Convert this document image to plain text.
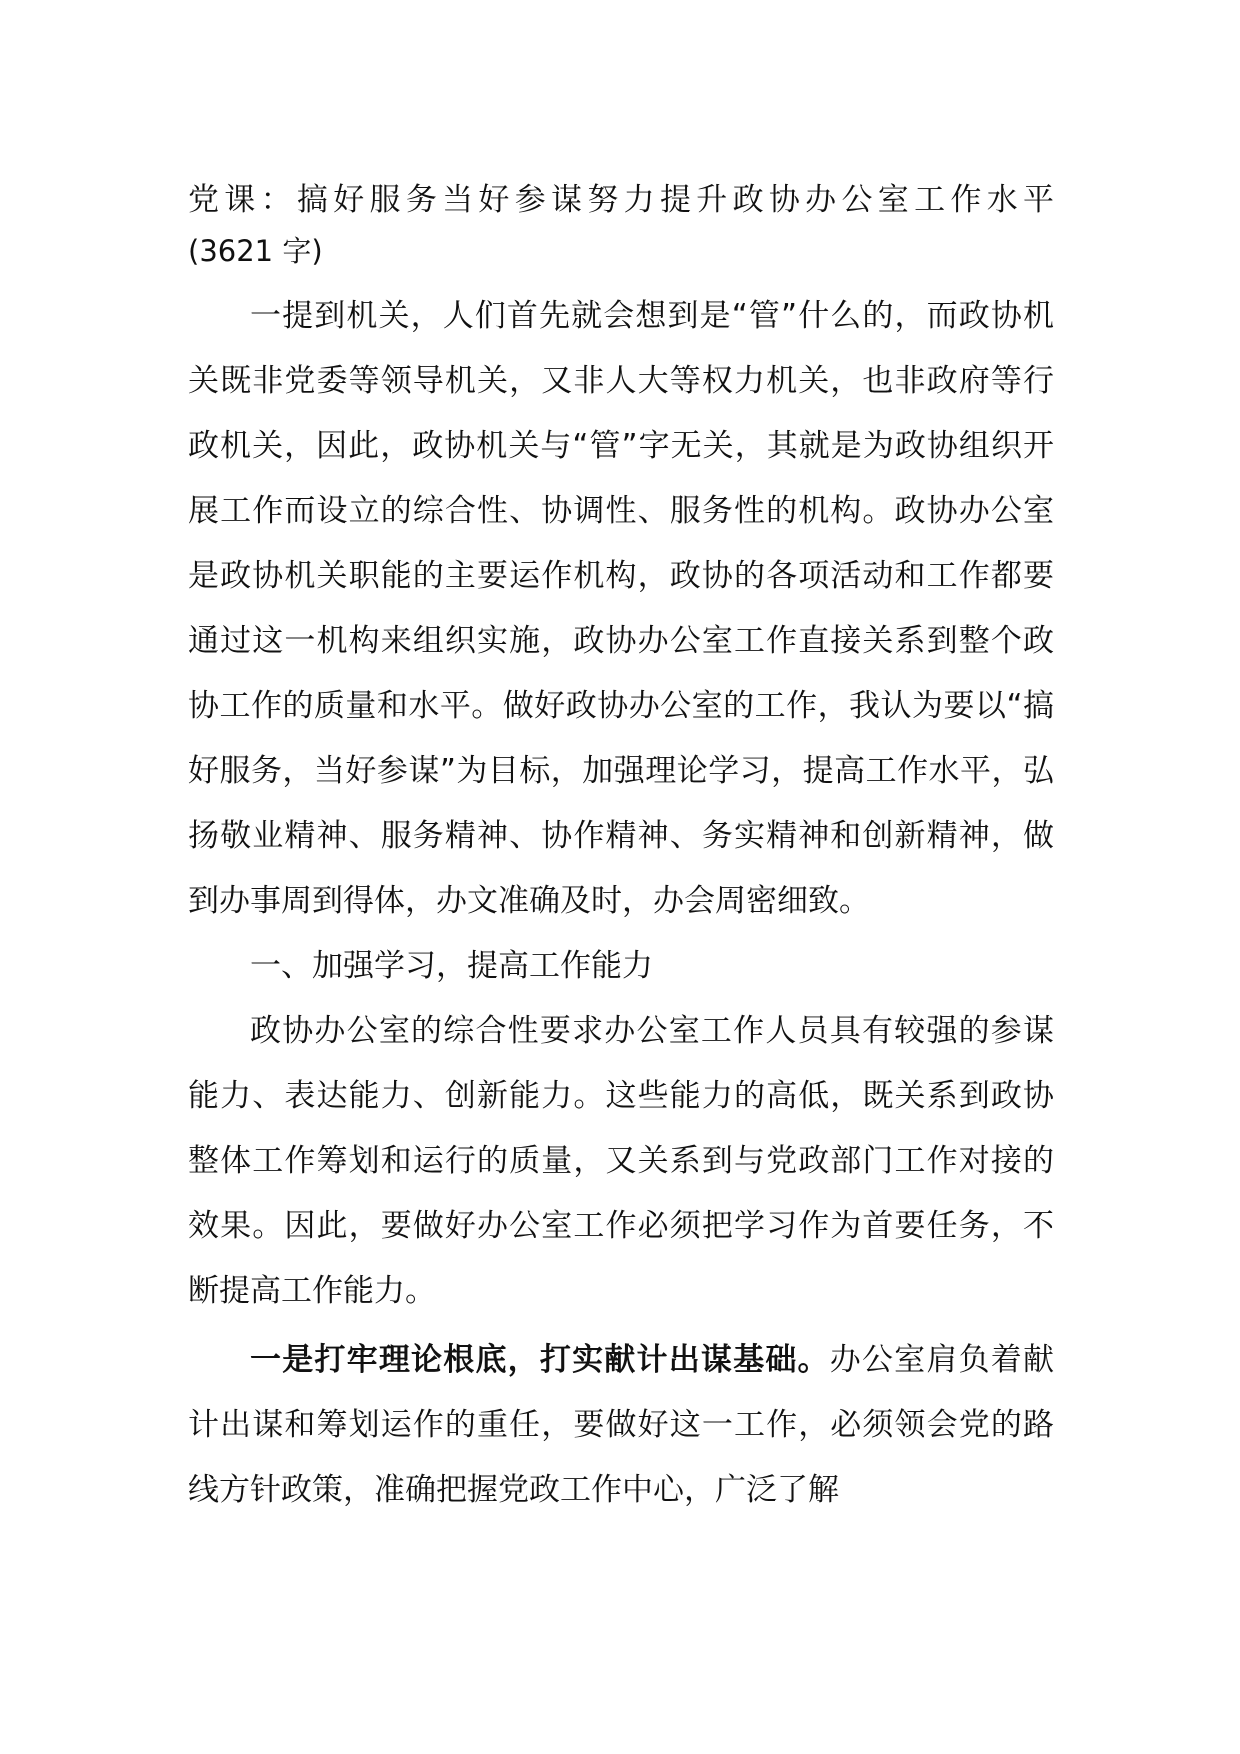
党课：搞好服务当好参谋努力提升政协办公室工作水平
(3621 字)

一提到机关，人们首先就会想到是“管”什么的，而政协机关既非党委等领导机关，又非人大等权力机关，也非政府等行政机关，因此，政协机关与“管”字无关，其就是为政协组织开展工作而设立的综合性、协调性、服务性的机构。政协办公室是政协机关职能的主要运作机构，政协的各项活动和工作都要通过这一机构来组织实施，政协办公室工作直接关系到整个政协工作的质量和水平。做好政协办公室的工作，我认为要以“搞好服务，当好参谋”为目标，加强理论学习，提高工作水平，弘扬敬业精神、服务精神、协作精神、务实精神和创新精神，做到办事周到得体，办文准确及时，办会周密细致。

一、加强学习，提高工作能力

政协办公室的综合性要求办公室工作人员具有较强的参谋能力、表达能力、创新能力。这些能力的高低，既关系到政协整体工作筹划和运行的质量，又关系到与党政部门工作对接的效果。因此，要做好办公室工作必须把学习作为首要任务，不断提高工作能力。

一是打牢理论根底，打实献计出谋基础。办公室肩负着献计出谋和筹划运作的重任，要做好这一工作，必须领会党的路线方针政策，准确把握党政工作中心，广泛了解
